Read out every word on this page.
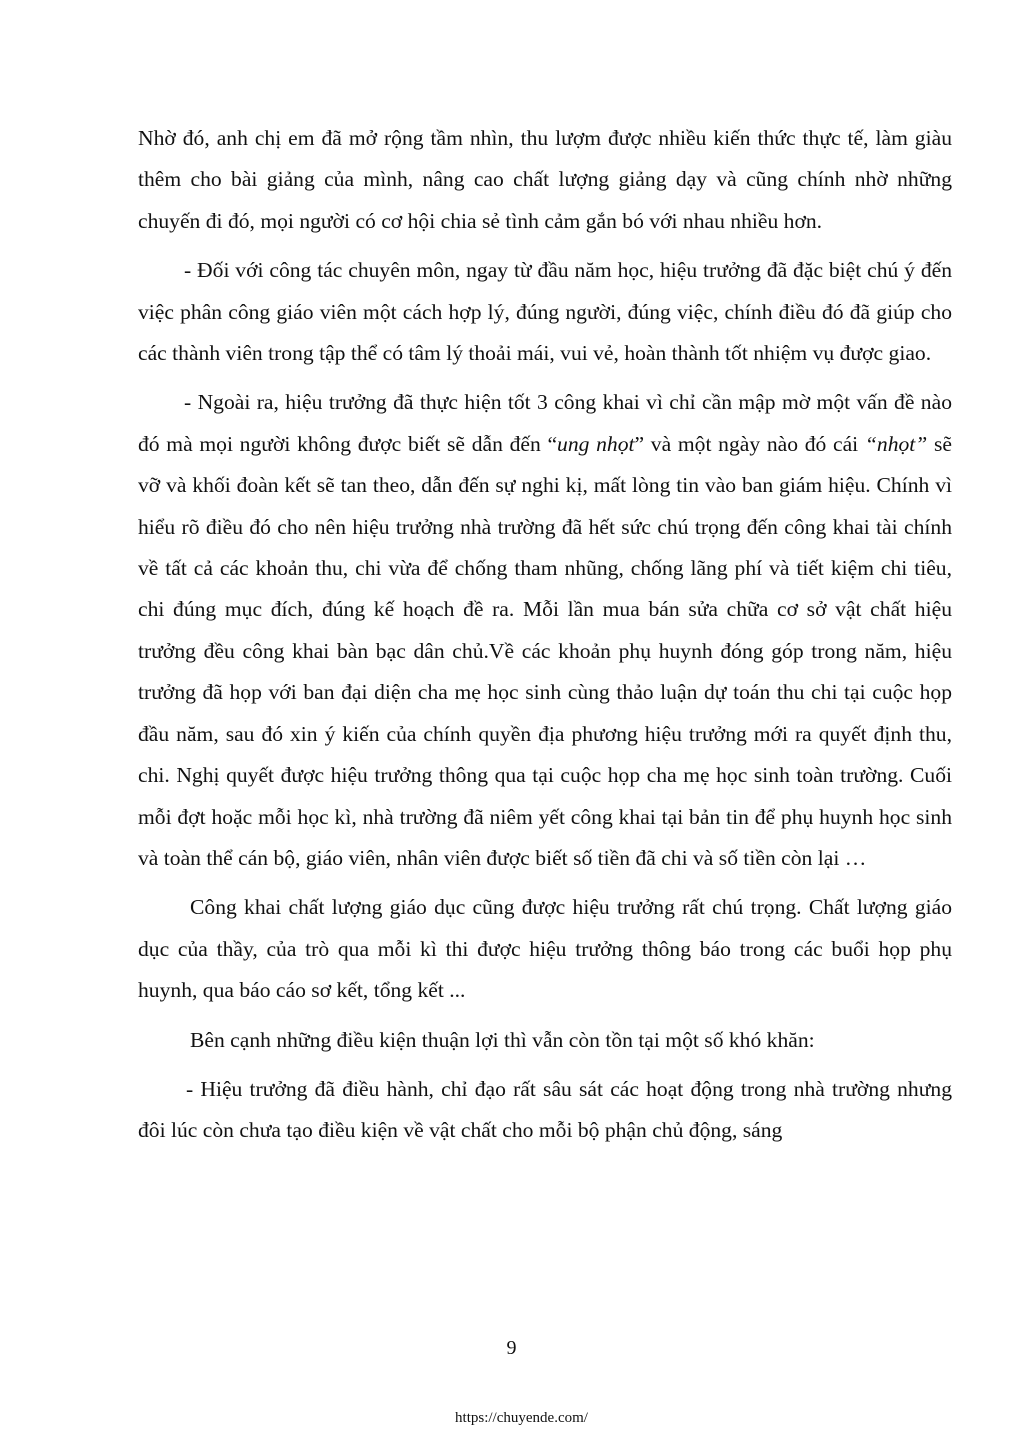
Nhờ đó, anh chị em đã mở rộng tầm nhìn, thu lượm được nhiều kiến thức thực tế, làm giàu thêm cho bài giảng của mình, nâng cao chất lượng giảng dạy và cũng chính nhờ những chuyến đi đó, mọi người có cơ hội chia sẻ tình cảm gắn bó với nhau nhiều hơn.

- Đối với công tác chuyên môn, ngay từ đầu năm học, hiệu trưởng đã đặc biệt chú ý đến việc phân công giáo viên một cách hợp lý, đúng người, đúng việc, chính điều đó đã giúp cho các thành viên trong tập thể có tâm lý thoải mái, vui vẻ, hoàn thành tốt nhiệm vụ được giao.

- Ngoài ra, hiệu trưởng đã thực hiện tốt 3 công khai vì chỉ cần mập mờ một vấn đề nào đó mà mọi người không được biết sẽ dẫn đến “ung nhọt” và một ngày nào đó cái “nhọt” sẽ vỡ và khối đoàn kết sẽ tan theo, dẫn đến sự nghi kị, mất lòng tin vào ban giám hiệu. Chính vì hiểu rõ điều đó cho nên hiệu trưởng nhà trường đã hết sức chú trọng đến công khai tài chính về tất cả các khoản thu, chi vừa để chống tham nhũng, chống lãng phí và tiết kiệm chi tiêu, chi đúng mục đích, đúng kế hoạch đề ra. Mỗi lần mua bán sửa chữa cơ sở vật chất hiệu trưởng đều công khai bàn bạc dân chủ.Về các khoản phụ huynh đóng góp trong năm, hiệu trưởng đã họp với ban đại diện cha mẹ học sinh cùng thảo luận dự toán thu chi tại cuộc họp đầu năm, sau đó xin ý kiến của chính quyền địa phương hiệu trưởng mới ra quyết định thu, chi. Nghị quyết được hiệu trưởng thông qua tại cuộc họp cha mẹ học sinh toàn trường. Cuối mỗi đợt hoặc mỗi học kì, nhà trường đã niêm yết công khai tại bản tin để phụ huynh học sinh và toàn thể cán bộ, giáo viên, nhân viên được biết số tiền đã chi và số tiền còn lại …

Công khai chất lượng giáo dục cũng được hiệu trưởng rất chú trọng. Chất lượng giáo dục của thầy, của trò qua mỗi kì thi được hiệu trưởng thông báo trong các buổi họp phụ huynh, qua báo cáo sơ kết, tổng kết ...

Bên cạnh những điều kiện thuận lợi thì vẫn còn tồn tại một số khó khăn:

- Hiệu trưởng đã điều hành, chỉ đạo rất sâu sát các hoạt động trong nhà trường nhưng đôi lúc còn chưa tạo điều kiện về vật chất cho mỗi bộ phận chủ động, sáng

9
https://chuyende.com/
